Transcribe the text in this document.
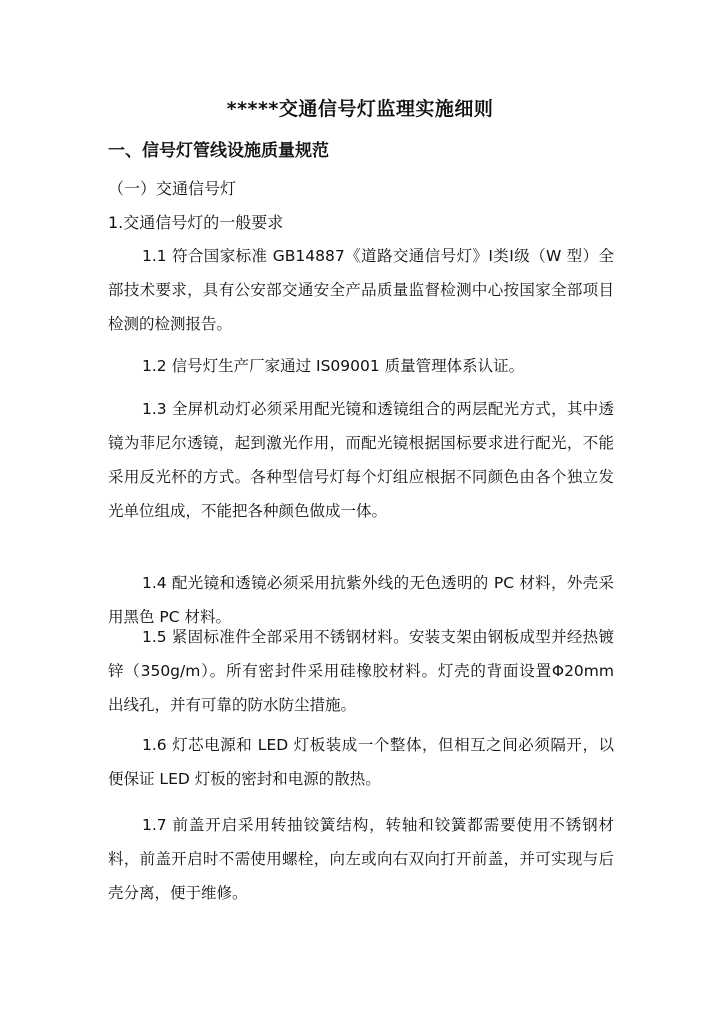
*****交通信号灯监理实施细则
一、信号灯管线设施质量规范
（一）交通信号灯
1.交通信号灯的一般要求
1.1 符合国家标准 GB14887《道路交通信号灯》Ⅰ类Ⅰ级（W 型）全部技术要求，具有公安部交通安全产品质量监督检测中心按国家全部项目检测的检测报告。
1.2 信号灯生产厂家通过 IS09001 质量管理体系认证。
1.3 全屏机动灯必须采用配光镜和透镜组合的两层配光方式，其中透镜为菲尼尔透镜，起到激光作用，而配光镜根据国标要求进行配光，不能采用反光杯的方式。各种型信号灯每个灯组应根据不同颜色由各个独立发光单位组成，不能把各种颜色做成一体。
1.4 配光镜和透镜必须采用抗紫外线的无色透明的 PC 材料，外壳采用黑色 PC 材料。
1.5 紧固标准件全部采用不锈钢材料。安装支架由钢板成型并经热镀锌（350g/m）。所有密封件采用硅橡胶材料。灯壳的背面设置Φ20mm 出线孔，并有可靠的防水防尘措施。
1.6 灯芯电源和 LED 灯板装成一个整体，但相互之间必须隔开，以便保证 LED 灯板的密封和电源的散热。
1.7 前盖开启采用转抽铰簧结构，转轴和铰簧都需要使用不锈钢材料，前盖开启时不需使用螺栓，向左或向右双向打开前盖，并可实现与后壳分离，便于维修。
